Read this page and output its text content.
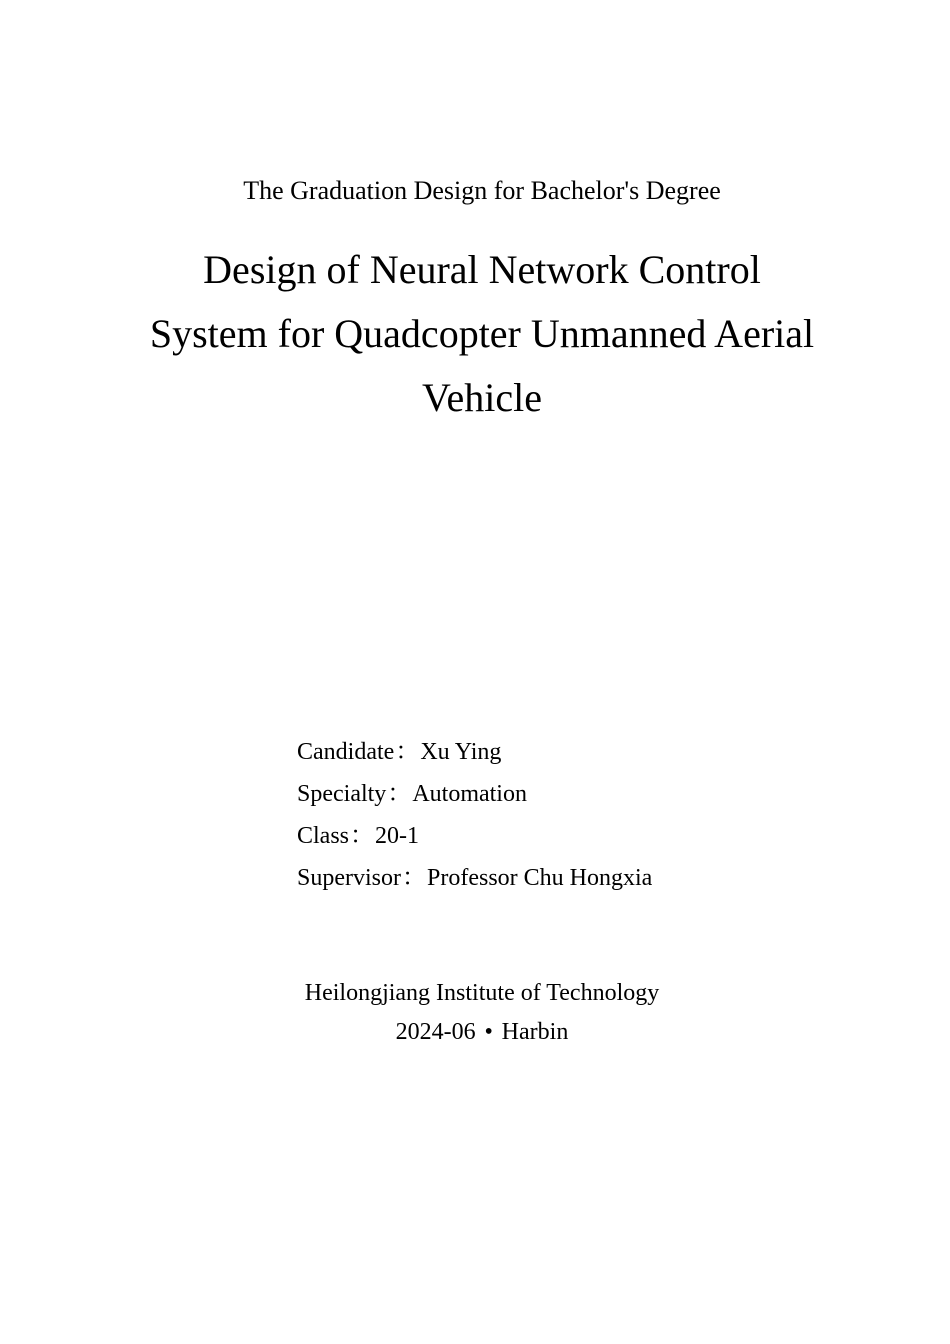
The Graduation Design for Bachelor's Degree
Design of Neural Network Control
System for Quadcopter Unmanned Aerial
Vehicle
Candidate：Xu Ying
Specialty：Automation
Class：20-1
Supervisor：Professor Chu Hongxia
Heilongjiang Institute of Technology
2024-06 • Harbin
